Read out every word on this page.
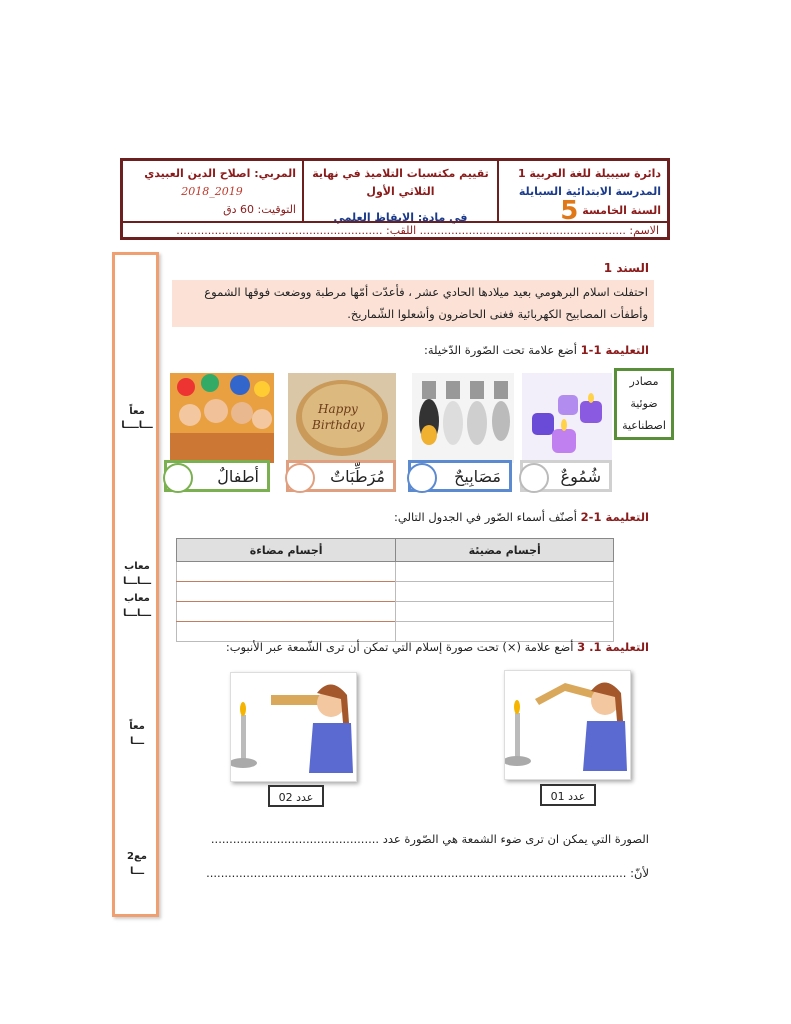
دائرة سيبيلة للغة العربية 1
المدرسة الابتدائية السبايلة
السنة الخامسة
5
تقييم مكتسبات التلاميذ في نهاية الثلاثي الأول
في مادة: الايقاظ العلمي
المربي: اصلاح الدين العبيدي
2019_2018
التوقيت: 60 دق
الاسم: ........................................................... اللقب: ...........................................................
معاً
ـــاــــا
معاب
ـــاـــا
معاب
ـــاـــا
معاً
ـــا
مع2
ـــا
السند 1
احتفلت اسلام البرهومي بعيد ميلادها الحادي عشر ، فأعدّت أمّها مرطبة ووضعت فوقها الشموع وأطفأت المصابيح الكهربائية فغنى الحاضرون وأشعلوا الشّماريخ.
التعليمة 1-1 أضع علامة تحت الصّورة الدّخيلة:
مصادر
ضوئية
اصطناعية
Happy
Birthday
شُمُوعٌ
مَصَابِيحٌ
مُرَطِّبَاتٌ
أطفالٌ
التعليمة 1-2 أصنّف أسماء الصّور في الجدول التالي:
أجسام مضيئة	أجسام مضاءة

التعليمة 1. 3 أضع علامة (×) تحت صورة إسلام التي تمكن أن ترى الشّمعة عبر الأنبوب:
عدد 02	عدد 01
الصورة التي يمكن ان ترى ضوء الشمعة هي الصّورة عدد ..............................................
لأنّ: ...................................................................................................................
